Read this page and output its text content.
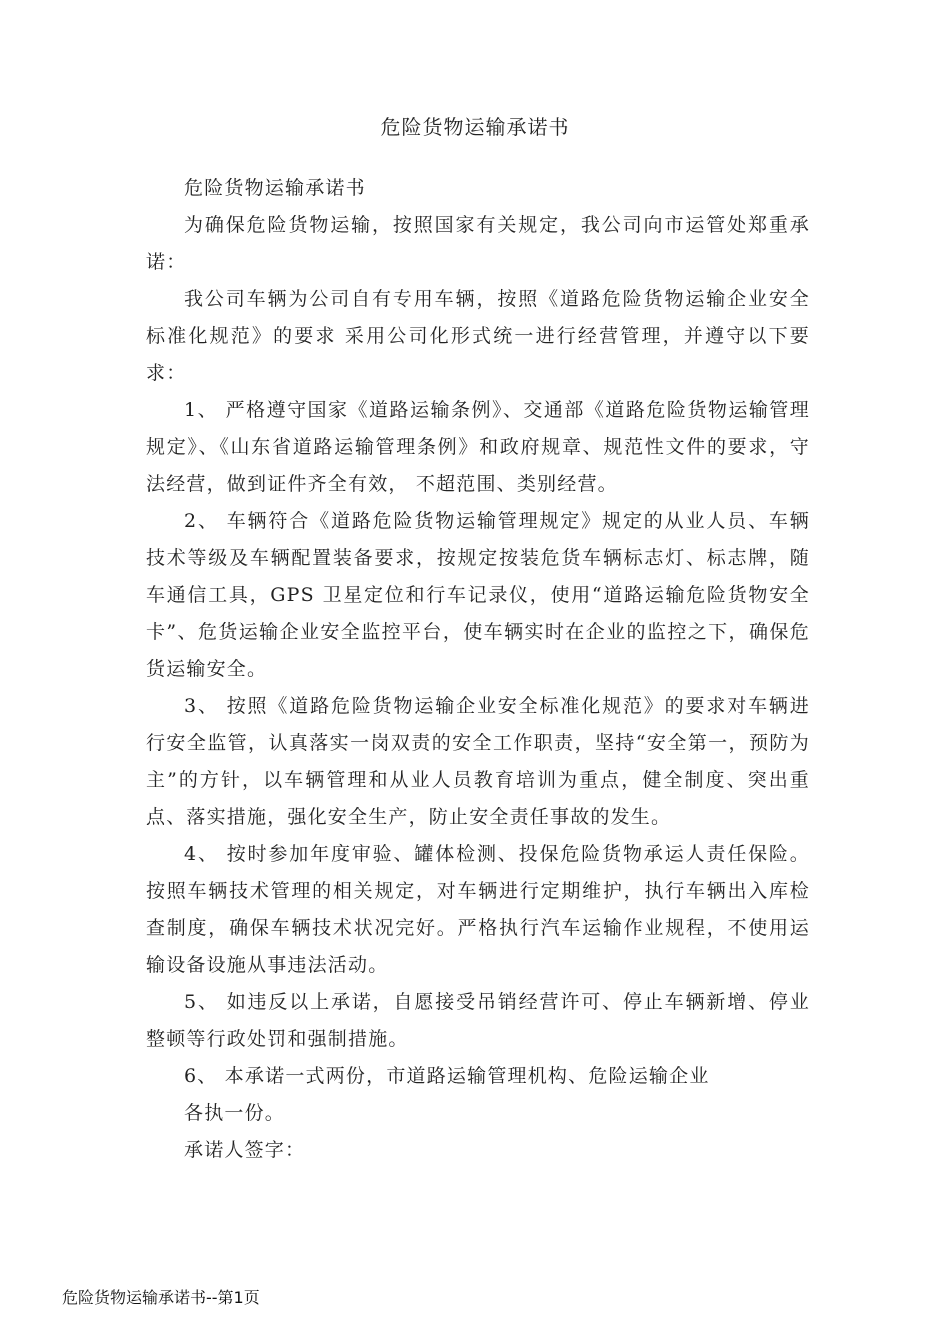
危险货物运输承诺书

危险货物运输承诺书

为确保危险货物运输，按照国家有关规定，我公司向市运管处郑重承诺：

我公司车辆为公司自有专用车辆，按照《道路危险货物运输企业安全标准化规范》的要求 采用公司化形式统一进行经营管理，并遵守以下要求：

1、 严格遵守国家《道路运输条例》、交通部《道路危险货物运输管理规定》、《山东省道路运输管理条例》和政府规章、规范性文件的要求，守法经营，做到证件齐全有效， 不超范围、类别经营。

2、 车辆符合《道路危险货物运输管理规定》规定的从业人员、车辆技术等级及车辆配置装备要求，按规定按装危货车辆标志灯、标志牌，随车通信工具，GPS 卫星定位和行车记录仪，使用“道路运输危险货物安全卡”、危货运输企业安全监控平台，使车辆实时在企业的监控之下，确保危货运输安全。

3、 按照《道路危险货物运输企业安全标准化规范》的要求对车辆进行安全监管，认真落实一岗双责的安全工作职责，坚持“安全第一，预防为主”的方针，以车辆管理和从业人员教育培训为重点，健全制度、突出重点、落实措施，强化安全生产，防止安全责任事故的发生。

4、 按时参加年度审验、罐体检测、投保危险货物承运人责任保险。按照车辆技术管理的相关规定，对车辆进行定期维护，执行车辆出入库检查制度，确保车辆技术状况完好。严格执行汽车运输作业规程，不使用运输设备设施从事违法活动。

5、 如违反以上承诺，自愿接受吊销经营许可、停止车辆新增、停业整顿等行政处罚和强制措施。

6、 本承诺一式两份，市道路运输管理机构、危险运输企业

各执一份。

承诺人签字：

危险货物运输承诺书--第1页
